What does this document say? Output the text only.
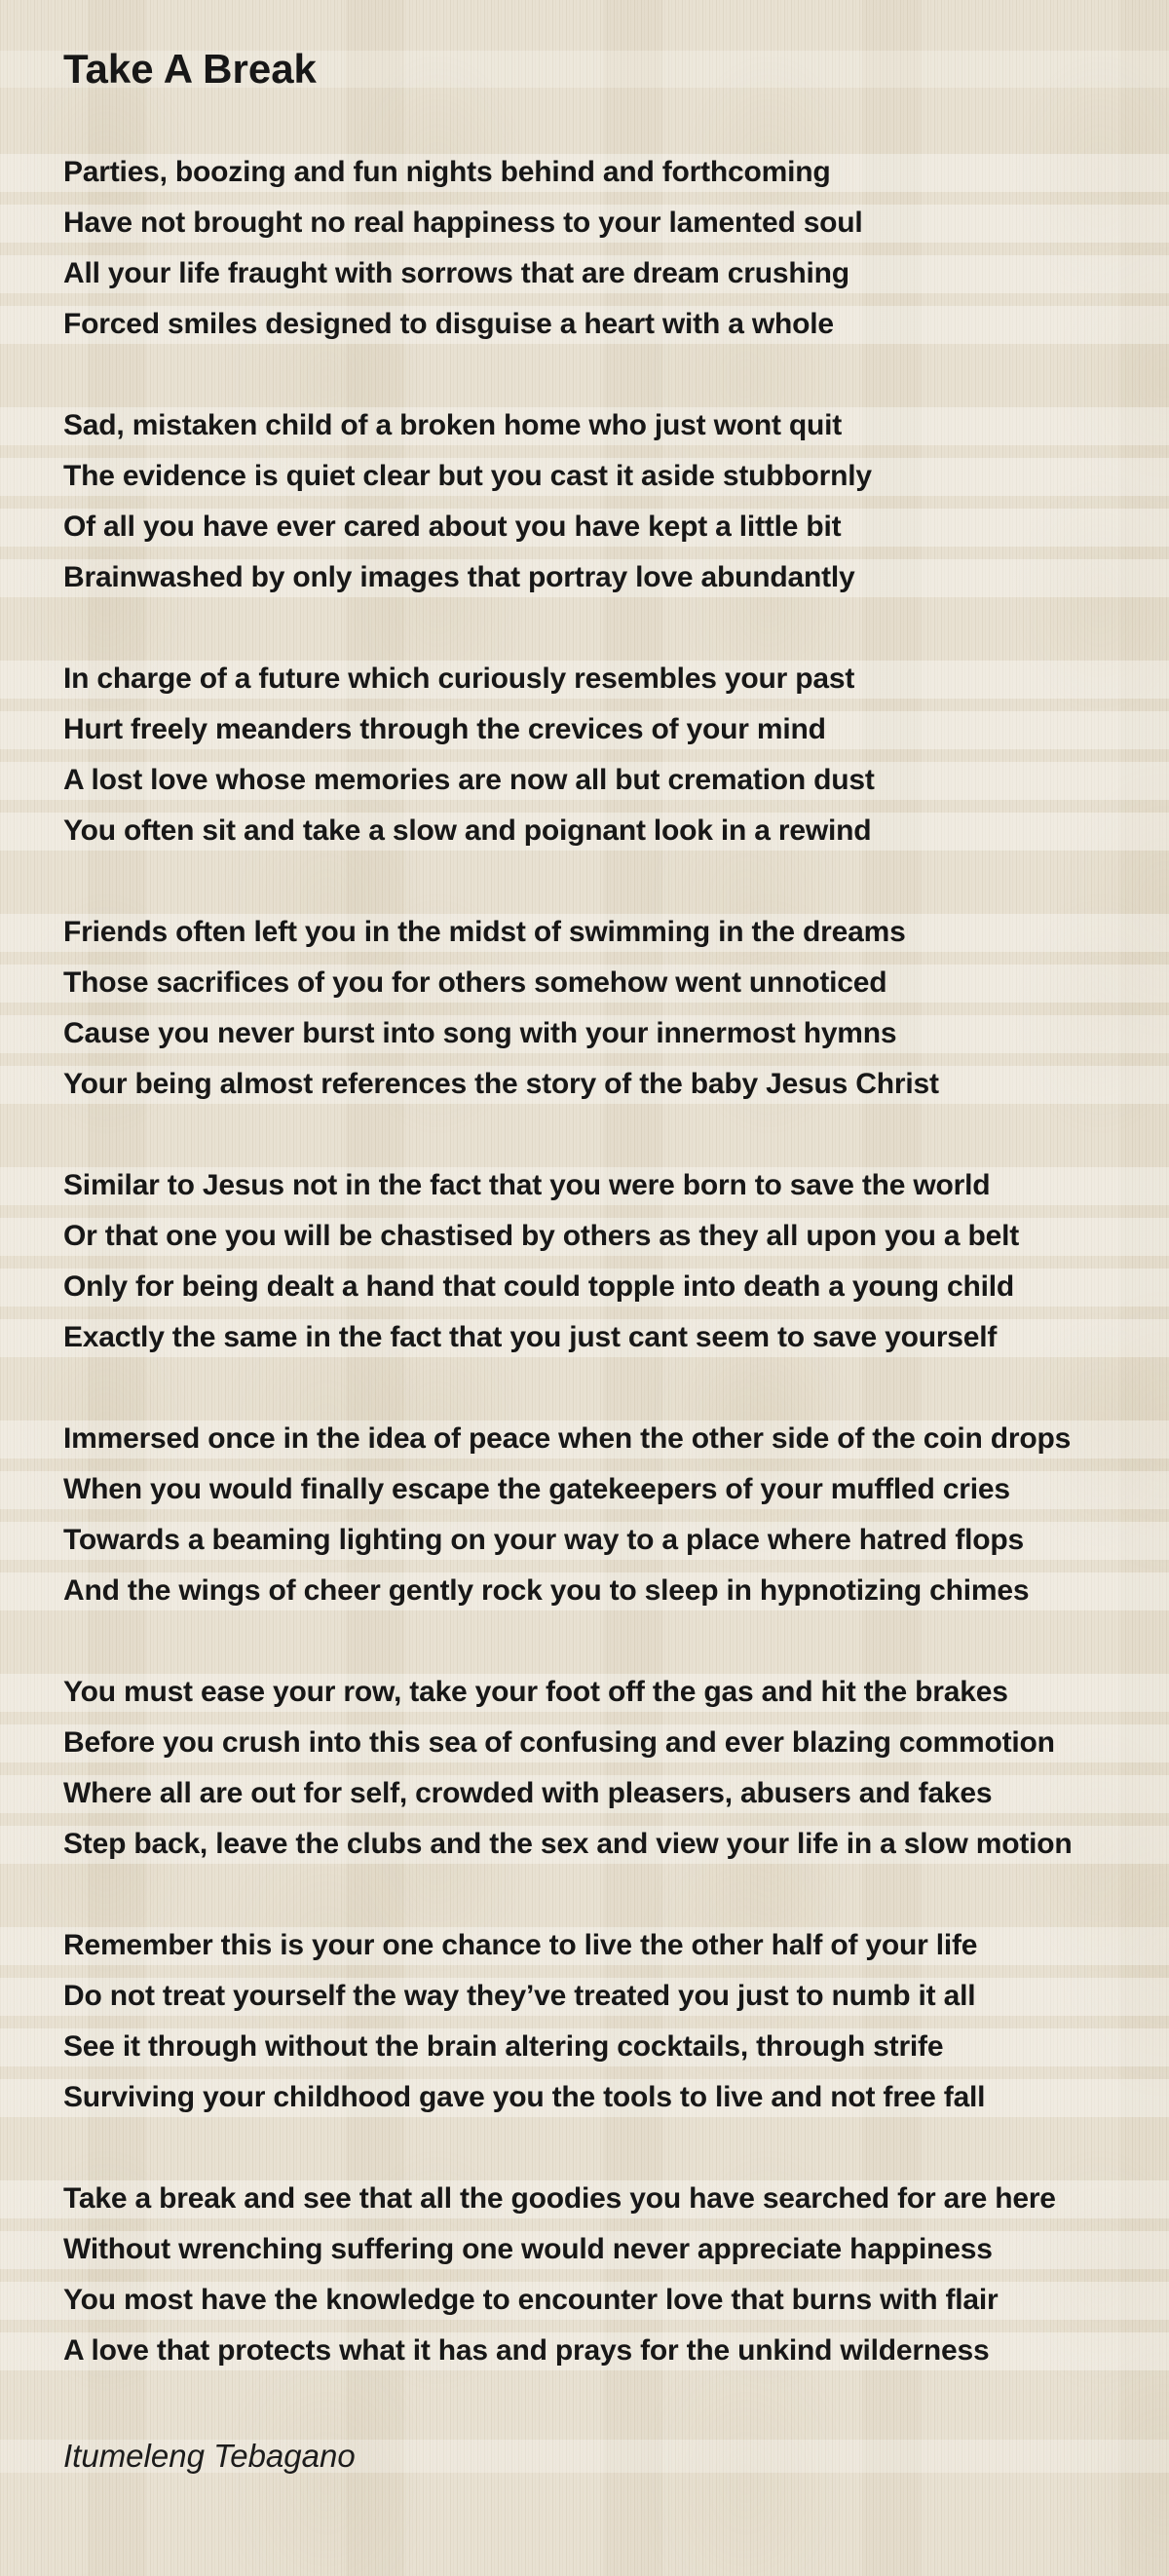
Take A Break
Parties, boozing and fun nights behind and forthcoming
Have not brought no real happiness to your lamented soul
All your life fraught with sorrows that are dream crushing
Forced smiles designed to disguise a heart with a whole
Sad, mistaken child of a broken home who just wont quit
The evidence is quiet clear but you cast it aside stubbornly
Of all you have ever cared about you have kept a little bit
Brainwashed by only images that portray love abundantly
In charge of a future which curiously resembles your past
Hurt freely meanders through the crevices of your mind
A lost love whose memories are now all but cremation dust
You often sit and take a slow and poignant look in a rewind
Friends often left you in the midst of swimming in the dreams
Those sacrifices of you for others somehow went unnoticed
Cause you never burst into song with your innermost hymns
Your being almost references the story of the baby Jesus Christ
Similar to Jesus not in the fact that you were born to save the world
Or that one you will be chastised by others as they all upon you a belt
Only for being dealt a hand that could topple into death a young child
Exactly the same in the fact that you just cant seem to save yourself
Immersed once in the idea of peace when the other side of the coin drops
When you would finally escape the gatekeepers of your muffled cries
Towards a beaming lighting on your way to a place where hatred flops
And the wings of cheer gently rock you to sleep in hypnotizing chimes
You must ease your row, take your foot off the gas and hit the brakes
Before you crush into this sea of confusing and ever blazing commotion
Where all are out for self, crowded with pleasers, abusers and fakes
Step back, leave the clubs and the sex and view your life in a slow motion
Remember this is your one chance to live the other half of your life
Do not treat yourself the way they’ve treated you just to numb it all
See it through without the brain altering cocktails, through strife
Surviving your childhood gave you the tools to live and not free fall
Take a break and see that all the goodies you have searched for are here
Without wrenching suffering one would never appreciate happiness
You most have the knowledge to encounter love that burns with flair
A love that protects what it has and prays for the unkind wilderness
Itumeleng Tebagano
